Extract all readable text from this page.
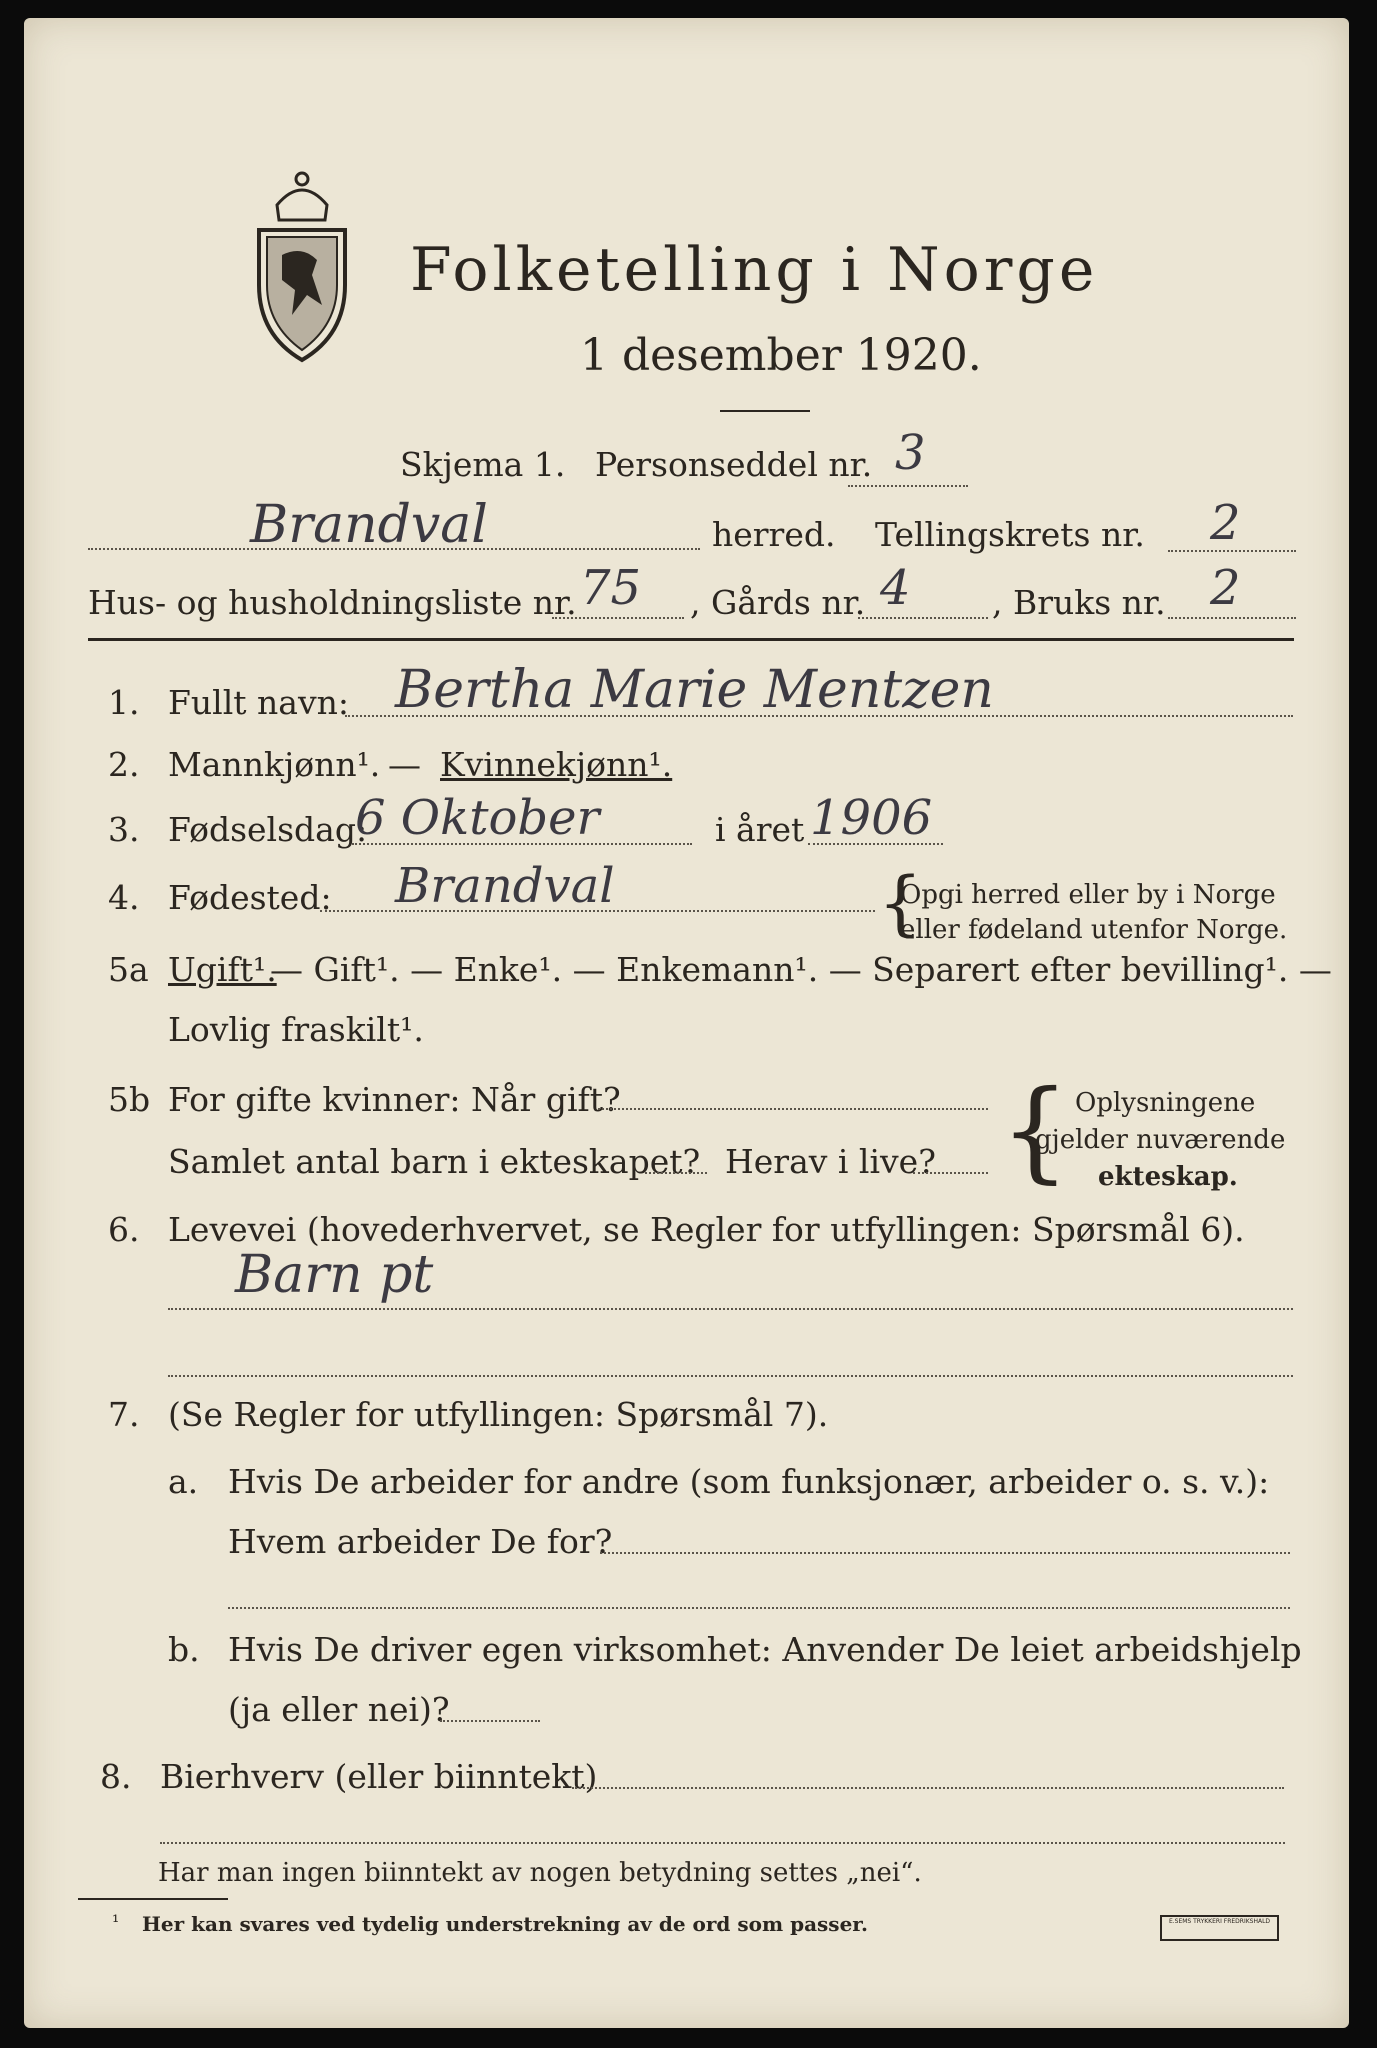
Folketelling i Norge
1 desember 1920.
Skjema 1. Personseddel nr. 3
Brandval	herred. Tellingskrets nr. 2
Hus- og husholdningsliste nr. 75 , Gårds nr. 4 , Bruks nr. 2
1. Fullt navn: Bertha Marie Mentzen
2. Mannkjønn¹. — Kvinnekjønn¹.
3. Fødselsdag:
6 Oktober	i året 1906
4. Fødested: Brandval	{
Opgi herred eller by i Norge
eller fødeland utenfor Norge.
5a Ugift¹.
— Gift¹. — Enke¹. — Enkemann¹. — Separert efter bevilling¹. —
Lovlig fraskilt¹.
5b For gifte kvinner: Når gift?
Samlet antal barn i ekteskapet? Herav i live? { Oplysningene
gjelder nuværende
ekteskap.
6. Levevei (hovederhvervet, se Regler for utfyllingen: Spørsmål 6).
Barn pt
7. (Se Regler for utfyllingen: Spørsmål 7).
a. Hvis De arbeider for andre (som funksjonær, arbeider o. s. v.):
Hvem arbeider De for?
b. Hvis De driver egen virksomhet: Anvender De leiet arbeidshjelp
(ja eller nei)?
8. Bierhverv (eller biinntekt)
Har man ingen biinntekt av nogen betydning settes „nei“.
¹ Her kan svares ved tydelig understrekning av de ord som passer.	E.SEMS TRYKKERI FREDRIKSHALD
